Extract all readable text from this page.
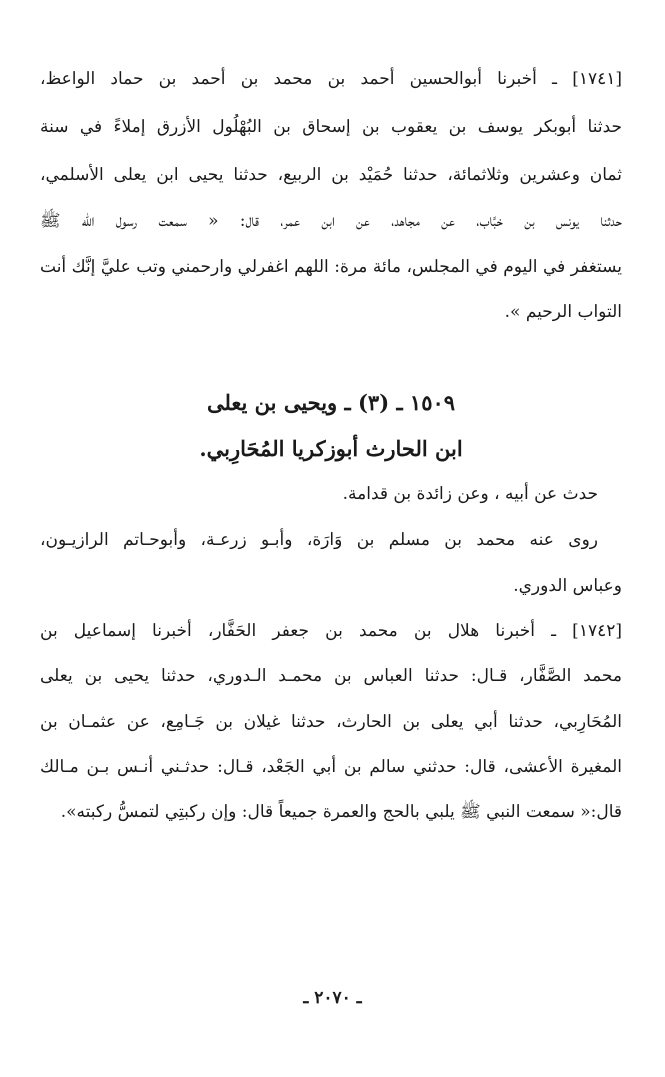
[١٧٤١] ـ أخبرنا أبوالحسين أحمد بن محمد بن أحمد بن حماد الواعظ،
حدثنا أبوبكر يوسف بن يعقوب بن إسحاق بن البُهْلُول الأزرق إملاءً في سنة
ثمان وعشرين وثلاثمائة، حدثنا حُمَيْد بن الربيع، حدثنا يحيى ابن يعلى الأسلمي،
حدثنا يونس بن خبَّاب، عن مجاهد، عن ابن عمر، قال: « سمعت رسول الله ﷺ
يستغفر في اليوم في المجلس، مائة مرة: اللهم اغفرلي وارحمني وتب عليَّ إنَّك أنت
التواب الرحيم ».
١٥٠٩ ـ (٣) ـ ويحيى بن يعلى
ابن الحارث أبوزكريا المُحَارِبي.
حدث عن أبيه ، وعن زائدة بن قدامة.
روى عنه محمد بن مسلم بن وَارَة، وأبـو زرعـة، وأبوحـاتم الرازيـون،
وعباس الدوري.
[١٧٤٢] ـ أخبرنا هلال بن محمد بن جعفر الحَفَّار، أخبرنا إسماعيل بن
محمد الصَّفَّار، قـال: حدثنا العباس بن محمـد الـدوري، حدثنا يحيى بن يعلى
المُحَارِبي، حدثنا أبي يعلى بن الحارث، حدثنا غيلان بن جَـامِع، عن عثمـان بن
المغيرة الأعشى، قال: حدثني سالم بن أبي الجَعْد، قـال: حدثـني أنـس بـن مـالك
قال:« سمعت النبي ﷺ يلبي بالحج والعمرة جميعاً قال: وإن ركبتِي لتمسُّ ركبته».
ـ ٢٠٧٠ ـ
